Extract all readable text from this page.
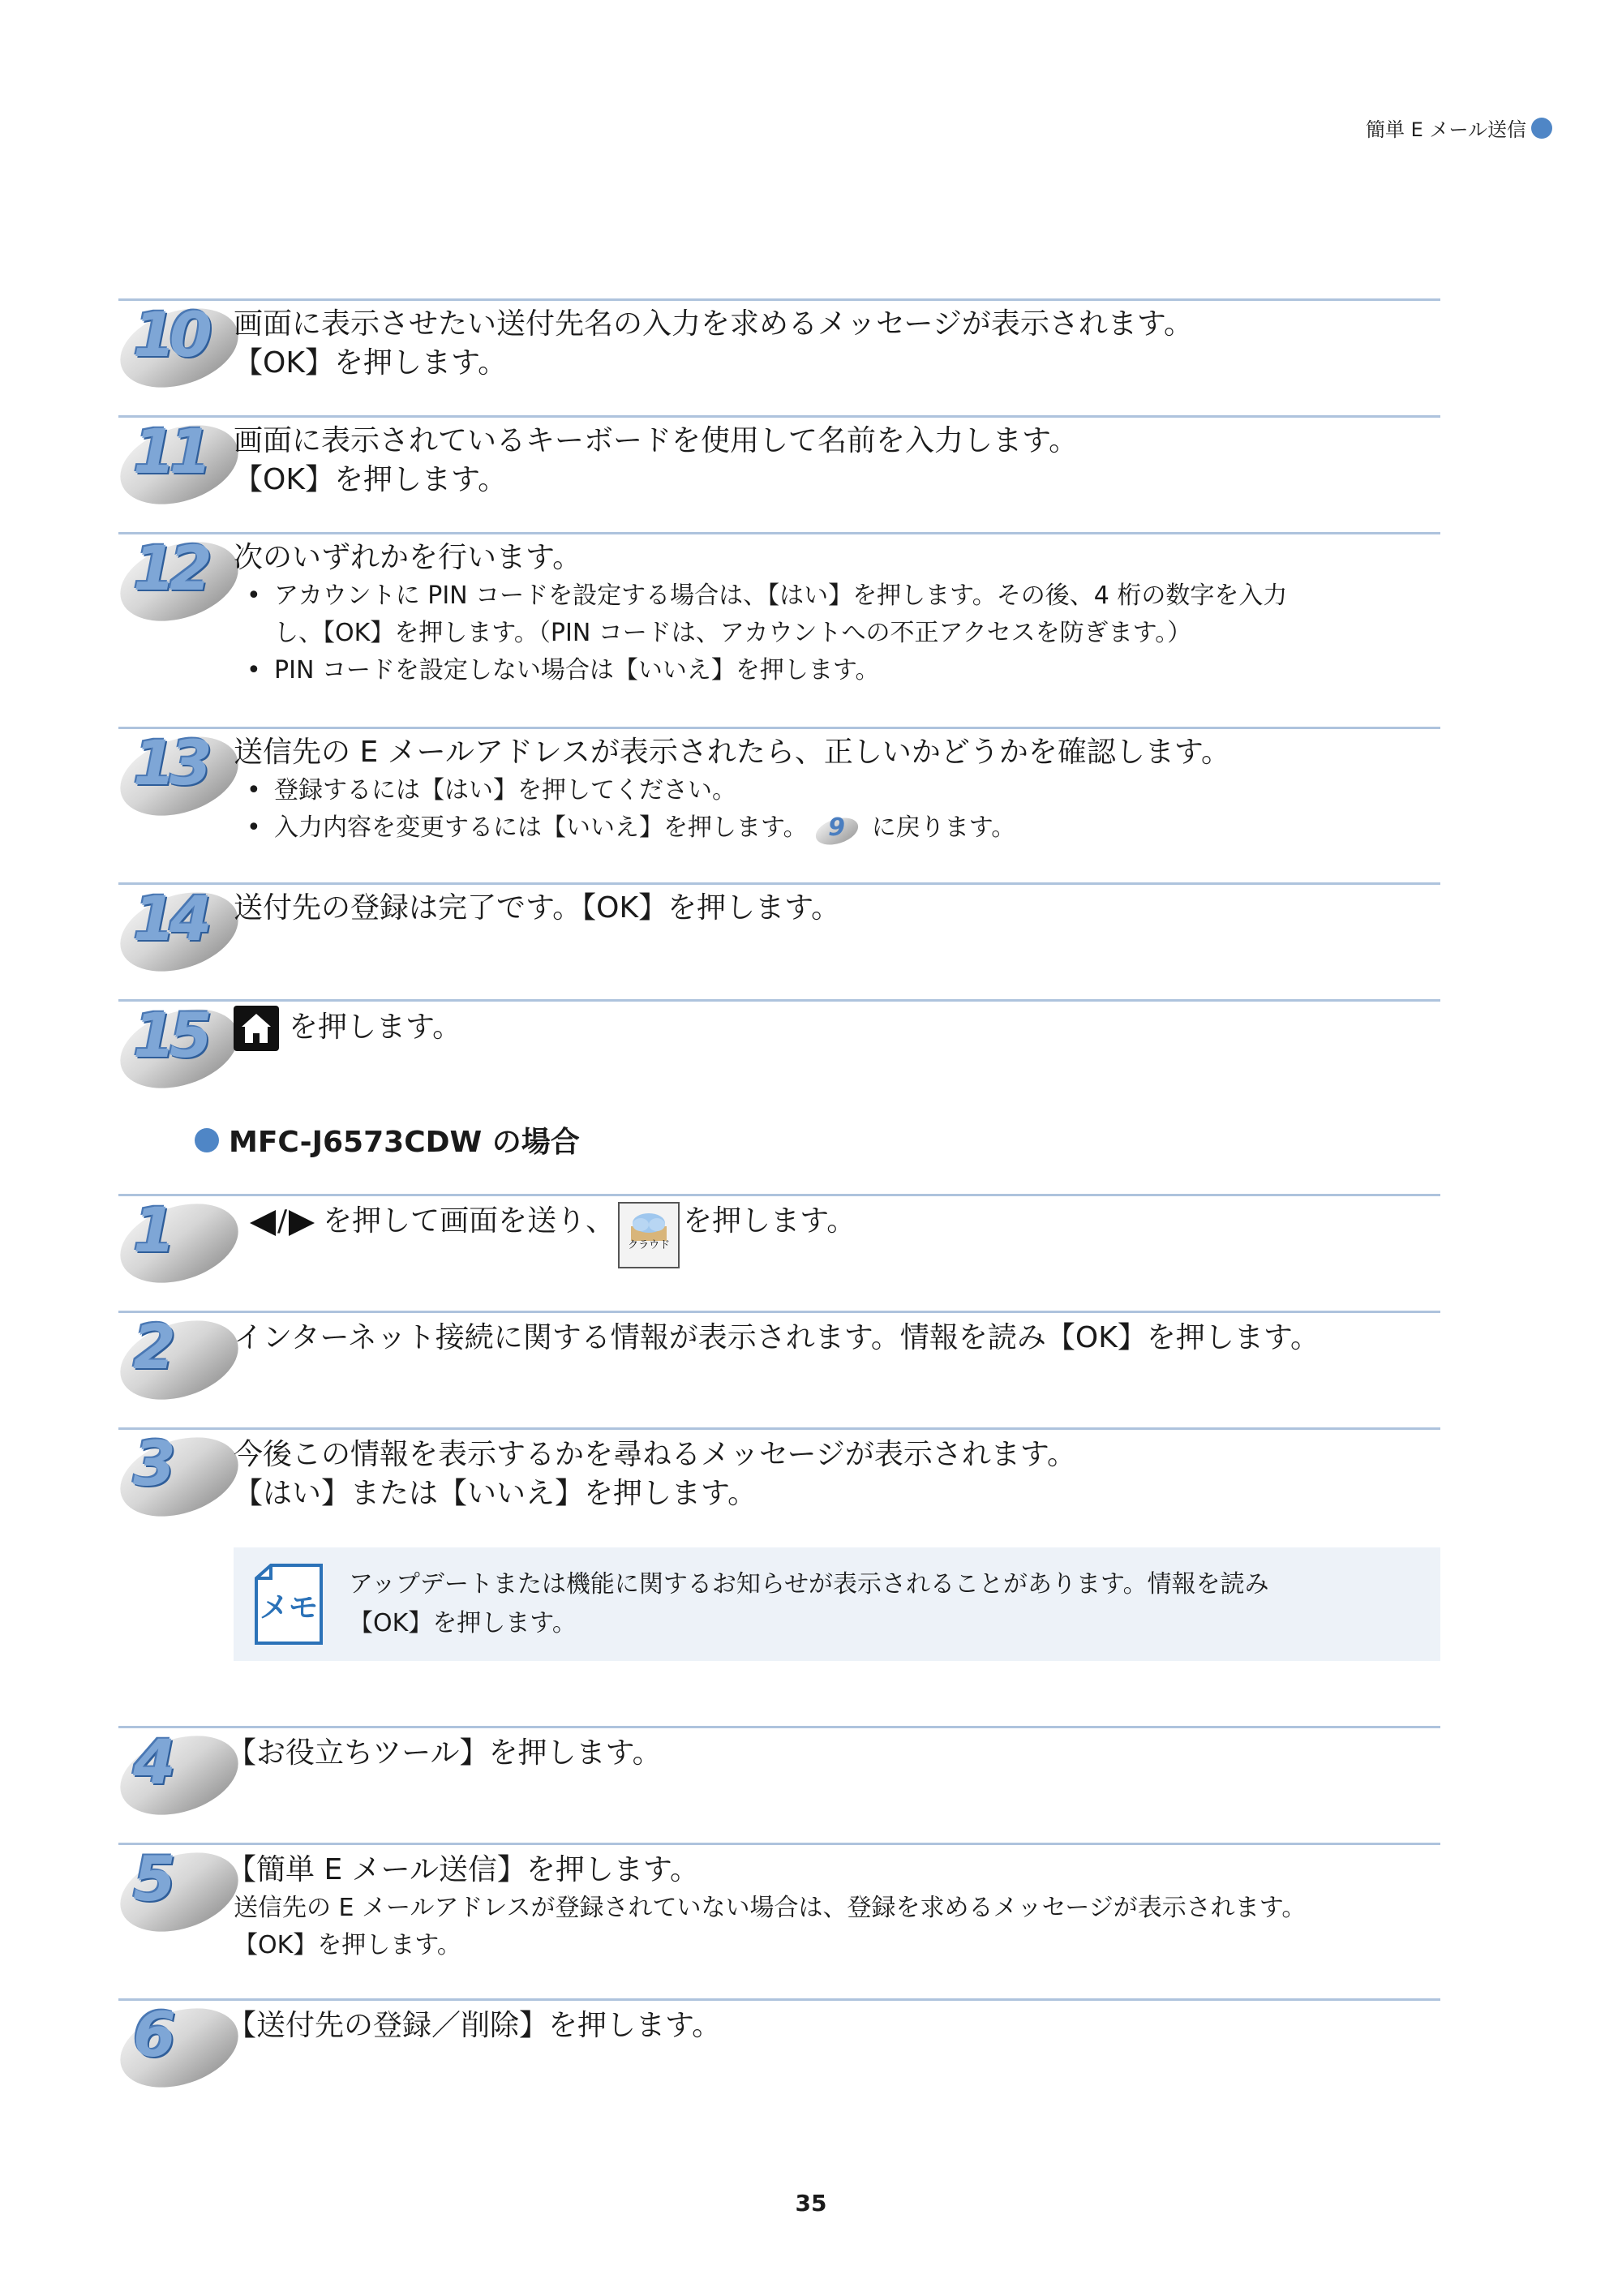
簡単 E メール送信
10 画面に表示させたい送付先名の入力を求めるメッセージが表示されます。
【OK】を押します。
11 画面に表示されているキーボードを使用して名前を入力します。
【OK】を押します。
12 次のいずれかを行います。
• アカウントに PIN コードを設定する場合は、【はい】を押します。その後、4 桁の数字を入力
し、【OK】を押します。（PIN コードは、アカウントへの不正アクセスを防ぎます。）
• PIN コードを設定しない場合は【いいえ】を押します。
13 送信先の E メールアドレスが表示されたら、正しいかどうかを確認します。
• 登録するには【はい】を押してください。
• 入力内容を変更するには【いいえ】を押します。 9 に戻ります。
14 送付先の登録は完了です。【OK】を押します。
15	を押します。
MFC-J6573CDW の場合
1	/ を押して画面を送り、
クラウド
を押します。
2 インターネット接続に関する情報が表示されます。情報を読み【OK】を押します。
3 今後この情報を表示するかを尋ねるメッセージが表示されます。
【はい】または【いいえ】を押します。
メモ
アップデートまたは機能に関するお知らせが表示されることがあります。情報を読み
【OK】を押します。
4 【お役立ちツール】を押します。
5 【簡単 E メール送信】を押します。
送信先の E メールアドレスが登録されていない場合は、登録を求めるメッセージが表示されます。
【OK】を押します。
6 【送付先の登録／削除】を押します。
35
